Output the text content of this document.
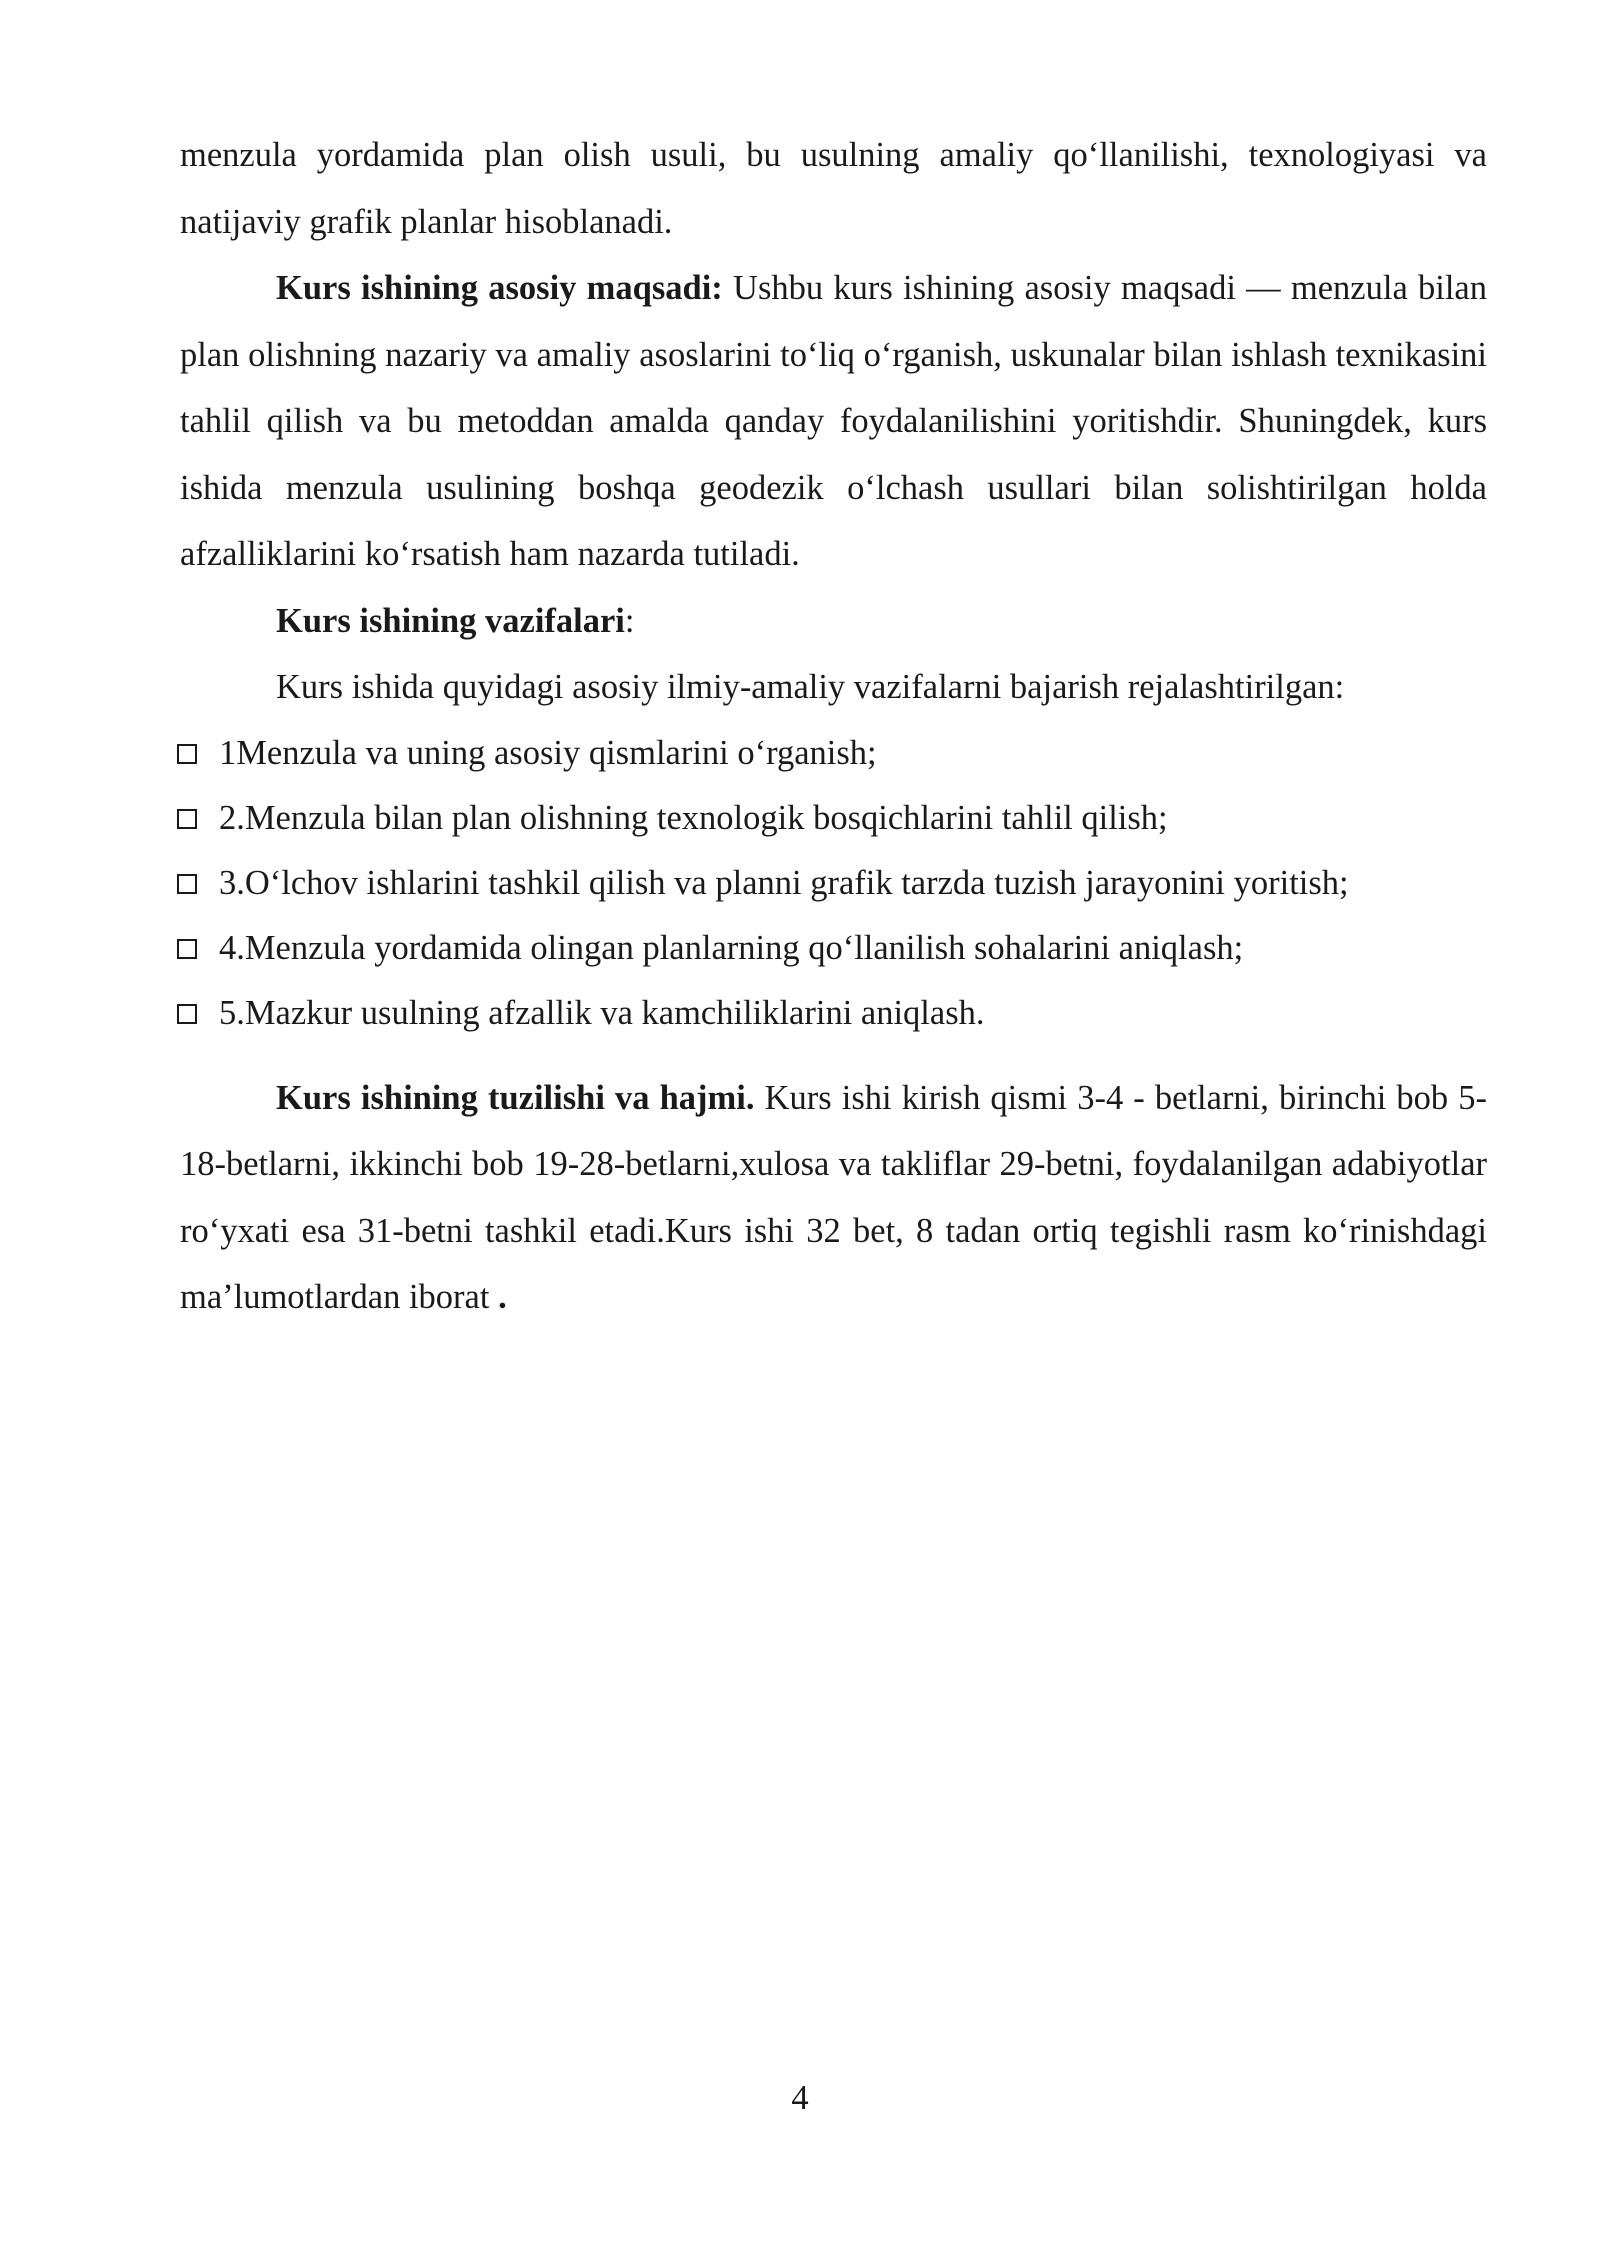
menzula yordamida plan olish usuli, bu usulning amaliy qoʻllanilishi, texnologiyasi va natijaviy grafik planlar hisoblanadi.

Kurs ishining asosiy maqsadi: Ushbu kurs ishining asosiy maqsadi — menzula bilan plan olishning nazariy va amaliy asoslarini toʻliq oʻrganish, uskunalar bilan ishlash texnikasini tahlil qilish va bu metoddan amalda qanday foydalanilishini yoritishdir. Shuningdek, kurs ishida menzula usulining boshqa geodezik oʻlchash usullari bilan solishtirilgan holda afzalliklarini koʻrsatish ham nazarda tutiladi.

Kurs ishining vazifalari:

Kurs ishida quyidagi asosiy ilmiy-amaliy vazifalarni bajarish rejalashtirilgan:

1Menzula va uning asosiy qismlarini oʻrganish;
2.Menzula bilan plan olishning texnologik bosqichlarini tahlil qilish;
3.Oʻlchov ishlarini tashkil qilish va planni grafik tarzda tuzish jarayonini yoritish;
4.Menzula yordamida olingan planlarning qoʻllanilish sohalarini aniqlash;
5.Mazkur usulning afzallik va kamchiliklarini aniqlash.

Kurs ishining tuzilishi va hajmi. Kurs ishi kirish qismi 3-4 - betlarni, birinchi bob 5-18-betlarni, ikkinchi bob 19-28-betlarni,xulosa va takliflar 29-betni, foydalanilgan adabiyotlar roʻyxati esa 31-betni tashkil etadi.Kurs ishi 32 bet, 8 tadan ortiq tegishli rasm koʻrinishdagi maʼlumotlardan iborat .

4
